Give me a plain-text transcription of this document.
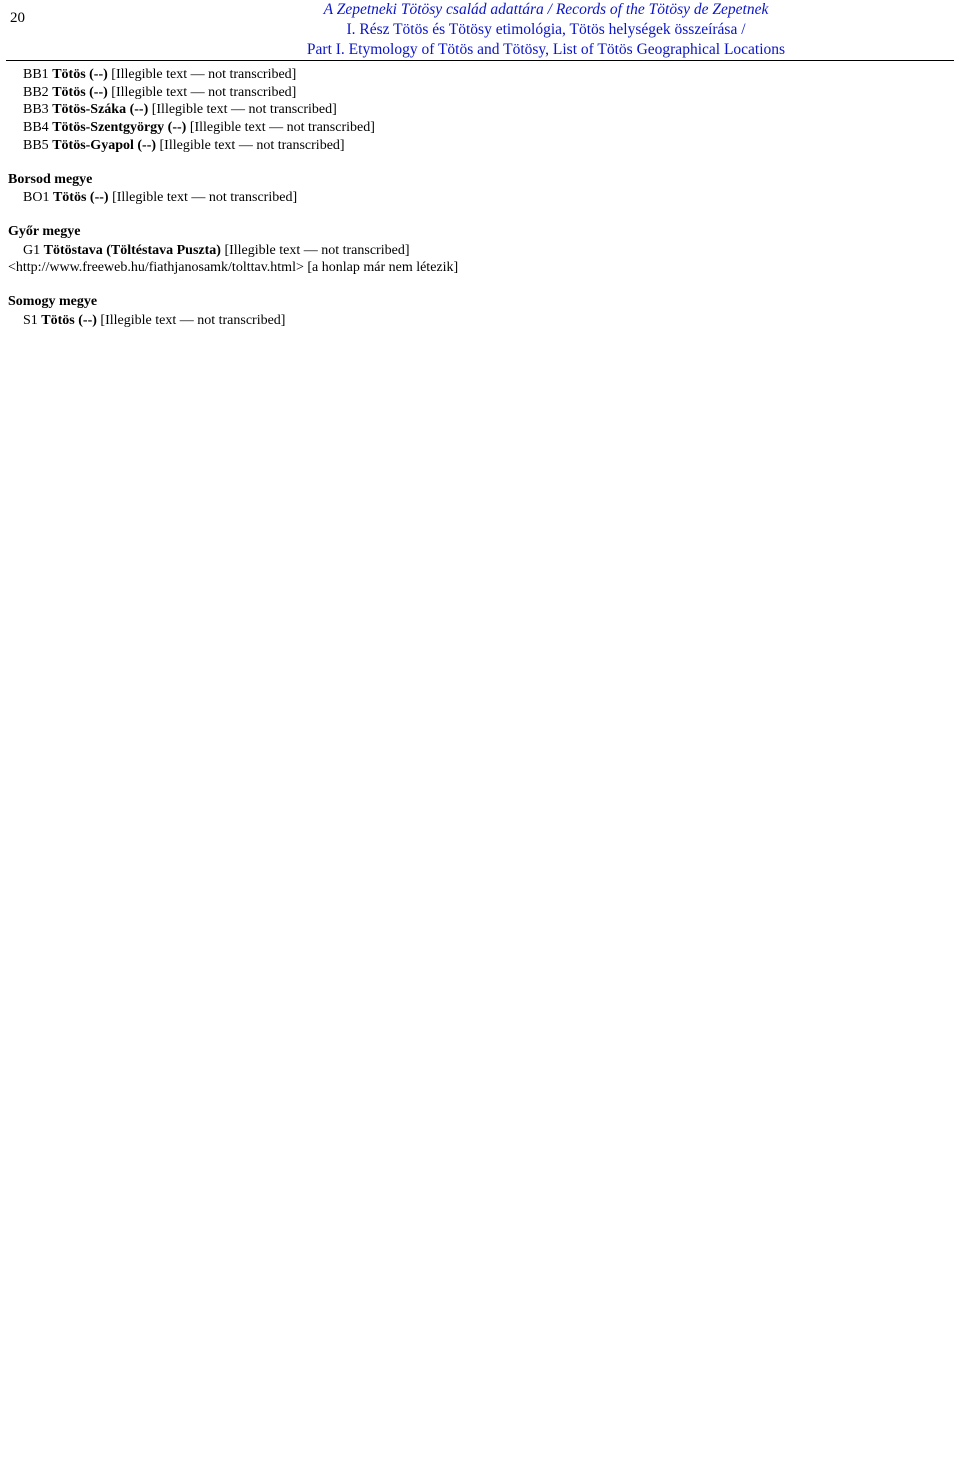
20	A Zepetneki Tötösy család adattára / Records of the Tötösy de Zepetnek
I. Rész Tötös és Tötösy etimológia, Tötös helységek összeírása /
Part I. Etymology of Tötös and Tötösy, List of Tötös Geographical Locations

BB1 Tötös (--) [Illegible text — not transcribed]

BB2 Tötös (--) [Illegible text — not transcribed]

BB3 Tötös-Száka (--) [Illegible text — not transcribed]

BB4 Tötös-Szentgyörgy (--) [Illegible text — not transcribed]

BB5 Tötös-Gyapol (--) [Illegible text — not transcribed]

Borsod megye

BO1 Tötös (--) [Illegible text — not transcribed]

Győr megye

G1 Tötöstava (Töltéstava Puszta) [Illegible text — not transcribed]

<http://www.freeweb.hu/fiathjanosamk/tolttav.html> [a honlap már nem létezik]

Somogy megye

S1 Tötös (--) [Illegible text — not transcribed]
